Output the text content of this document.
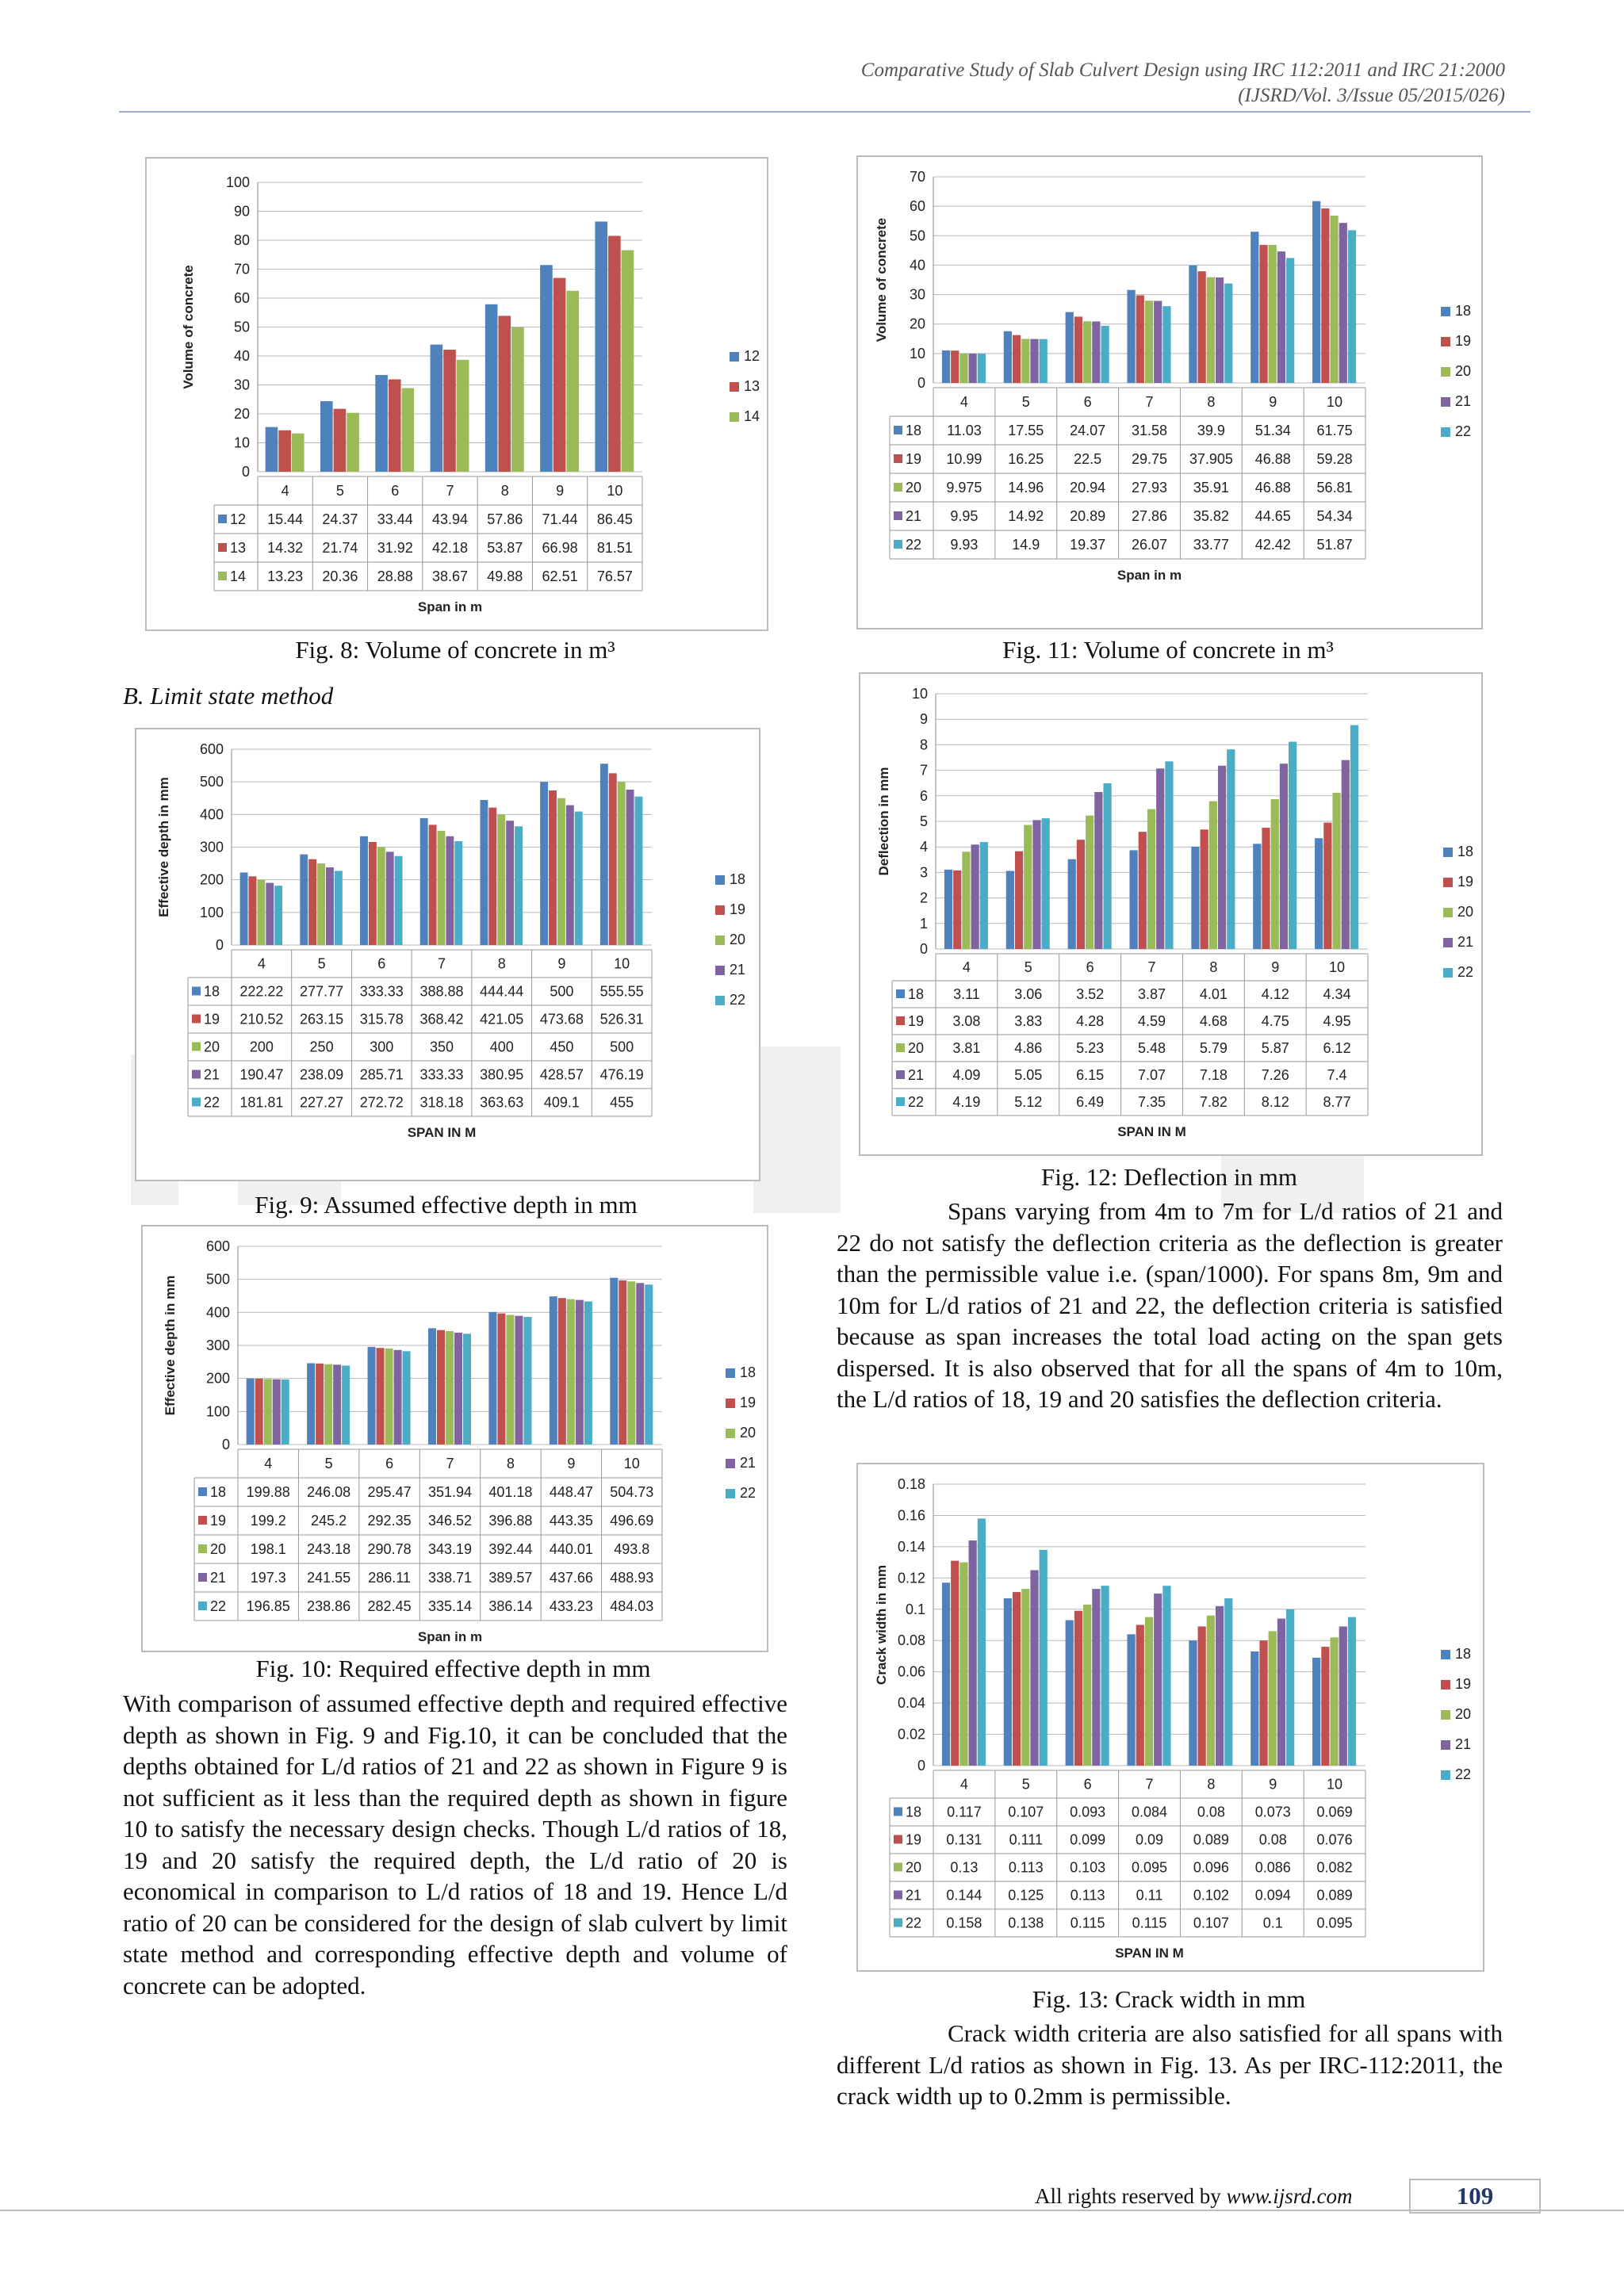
Comparative Study of Slab Culvert Design using IRC 112:2011 and IRC 21:2000
(IJSRD/Vol. 3/Issue 05/2015/026)
0
10
20
30
40
50
60
70
80
90
100
4	5	6	7	8	9	10
12 15.44 24.37 33.44 43.94 57.86 71.44 86.45
13 14.32 21.74 31.92 42.18 53.87 66.98 81.51
14 13.23 20.36 28.88 38.67 49.88 62.51 76.57
Span in m
Volume of concrete	12
13
14
Fig. 8: Volume of concrete in m³
B. Limit state method
0
100
200
300
400
500
600
4	5	6	7	8	9	10
18 222.22 277.77 333.33 388.88 444.44 500 555.55
19 210.52 263.15 315.78 368.42 421.05 473.68 526.31
20 200	250	300	350	400	450	500
21 190.47 238.09 285.71 333.33 380.95 428.57 476.19
22 181.81 227.27 272.72 318.18 363.63 409.1 455
SPAN IN M
Effective depth in mm	18
19
20
21
22
Fig. 9: Assumed effective depth in mm
0
100
200
300
400
500
600
4	5	6	7	8	9	10
18 199.88 246.08 295.47 351.94 401.18 448.47 504.73
19 199.2 245.2 292.35 346.52 396.88 443.35 496.69
20 198.1 243.18 290.78 343.19 392.44 440.01 493.8
21 197.3 241.55 286.11 338.71 389.57 437.66 488.93
22 196.85 238.86 282.45 335.14 386.14 433.23 484.03
Span in m
Effective depth in mm	18
19
20
21
22
Fig. 10: Required effective depth in mm
0
10
20
30
40
50
60
70
4	5	6	7	8	9	10
18 11.03 17.55 24.07 31.58 39.9 51.34 61.75
19 10.99 16.25 22.5 29.75 37.905 46.88 59.28
20 9.975 14.96 20.94 27.93 35.91 46.88 56.81
21 9.95 14.92 20.89 27.86 35.82 44.65 54.34
22 9.93 14.9 19.37 26.07 33.77 42.42 51.87
Span in m
Volume of concrete	18
19
20
21
22
Fig. 11: Volume of concrete in m³
0
1
2
3
4
5
6
7
8
9
10
4	5	6	7	8	9	10
18 3.11 3.06 3.52 3.87 4.01 4.12 4.34
19 3.08 3.83 4.28 4.59 4.68 4.75 4.95
20 3.81 4.86 5.23 5.48 5.79 5.87 6.12
21 4.09 5.05 6.15 7.07 7.18 7.26	7.4
22 4.19 5.12 6.49 7.35 7.82 8.12 8.77
SPAN IN M
Deflection in mm	18
19
20
21
22
Fig. 12: Deflection in mm
0
0.02
0.04
0.06
0.08
0.1
0.12
0.14
0.16
0.18
4	5	6	7	8	9	10
18 0.117 0.107 0.093 0.084 0.08 0.073 0.069
19 0.131 0.111 0.099 0.09 0.089 0.08 0.076
20 0.13 0.113 0.103 0.095 0.096 0.086 0.082
21 0.144 0.125 0.113 0.11 0.102 0.094 0.089
22 0.158 0.138 0.115 0.115 0.107 0.1 0.095
SPAN IN M
Crack width in mm	18
19
20
21
22
Fig. 13: Crack width in mm
With comparison of assumed effective depth and required effective depth as shown in Fig. 9 and Fig.10, it can be concluded that the depths obtained for L/d ratios of 21 and 22 as shown in Figure 9 is not sufficient as it less than the required depth as shown in figure 10 to satisfy the necessary design checks. Though L/d ratios of 18, 19 and 20 satisfy the required depth, the L/d ratio of 20 is economical in comparison to L/d ratios of 18 and 19. Hence L/d ratio of 20 can be considered for the design of slab culvert by limit state method and corresponding effective depth and volume of concrete can be adopted.
Spans varying from 4m to 7m for L/d ratios of 21 and 22 do not satisfy the deflection criteria as the deflection is greater than the permissible value i.e. (span/1000). For spans 8m, 9m and 10m for L/d ratios of 21 and 22, the deflection criteria is satisfied because as span increases the total load acting on the span gets dispersed. It is also observed that for all the spans of 4m to 10m, the L/d ratios of 18, 19 and 20 satisfies the deflection criteria.
Crack width criteria are also satisfied for all spans with different L/d ratios as shown in Fig. 13. As per IRC-112:2011, the crack width up to 0.2mm is permissible.
All rights reserved by www.ijsrd.com	109
